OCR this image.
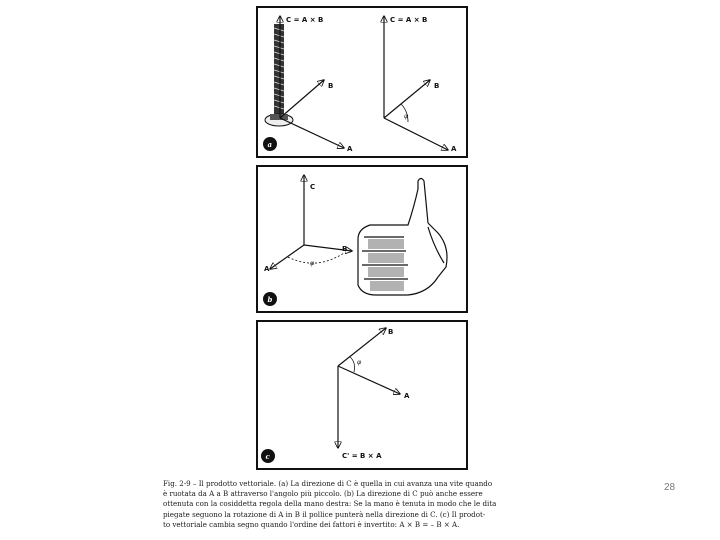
C = A × B
B
A
a
C = A × B
B
A
φ
C
B
A
φ
b
B
A
C' = B × A
φ
c

Fig. 2-9 – Il prodotto vettoriale. (a) La direzione di C è quella in cui avanza una vite quando
è ruotata da A a B attraverso l'angolo più piccolo. (b) La direzione di C può anche essere
ottenuta con la cosiddetta regola della mano destra: Se la mano è tenuta in modo che le dita
piegate seguono la rotazione di A in B il pollice punterà nella direzione di C. (c) Il prodot-
to vettoriale cambia segno quando l'ordine dei fattori è invertito: A × B = – B × A.

28
